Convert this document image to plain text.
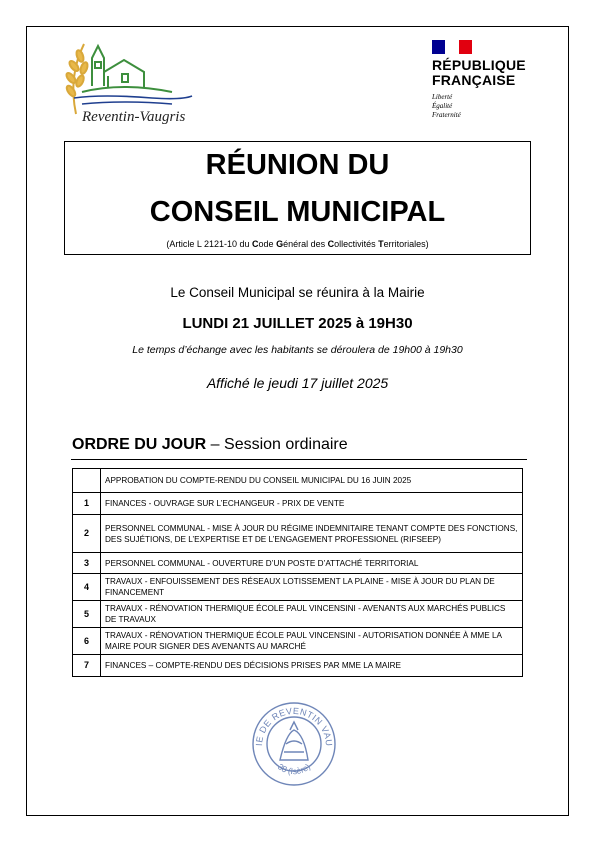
Reventin-Vaugris
RÉPUBLIQUE
FRANÇAISE
Liberté
Égalité
Fraternité
RÉUNION DU
CONSEIL MUNICIPAL
(Article L 2121-10 du Code Général des Collectivités Territoriales)
Le Conseil Municipal se réunira à la Mairie
LUNDI 21 JUILLET 2025 à 19H30
Le temps d’échange avec les habitants se déroulera de 19h00 à 19h30
Affiché le jeudi 17 juillet 2025
ORDRE DU JOUR – Session ordinaire
	APPROBATION DU COMPTE-RENDU DU CONSEIL MUNICIPAL DU 16 JUIN 2025
1	FINANCES - OUVRAGE SUR L’ECHANGEUR - PRIX DE VENTE
2	PERSONNEL COMMUNAL - MISE À JOUR DU RÉGIME INDEMNITAIRE TENANT COMPTE DES FONCTIONS, DES SUJÉTIONS, DE L’EXPERTISE ET DE L’ENGAGEMENT PROFESSIONEL (RIFSEEP)
3	PERSONNEL COMMUNAL - OUVERTURE D’UN POSTE D’ATTACHÉ TERRITORIAL
4	TRAVAUX - ENFOUISSEMENT DES RÉSEAUX LOTISSEMENT LA PLAINE - MISE À JOUR DU PLAN DE FINANCEMENT
5	TRAVAUX - RÉNOVATION THERMIQUE ÉCOLE PAUL VINCENSINI - AVENANTS AUX MARCHÉS PUBLICS DE TRAVAUX
6	TRAVAUX - RÉNOVATION THERMIQUE ÉCOLE PAUL VINCENSINI - AUTORISATION DONNÉE À MME LA MAIRE POUR SIGNER DES AVENANTS AU MARCHÉ
7	FINANCES – COMPTE-RENDU DES DÉCISIONS PRISES PAR MME LA MAIRE
IE DE REVENTIN VAU
38 (Isère)
